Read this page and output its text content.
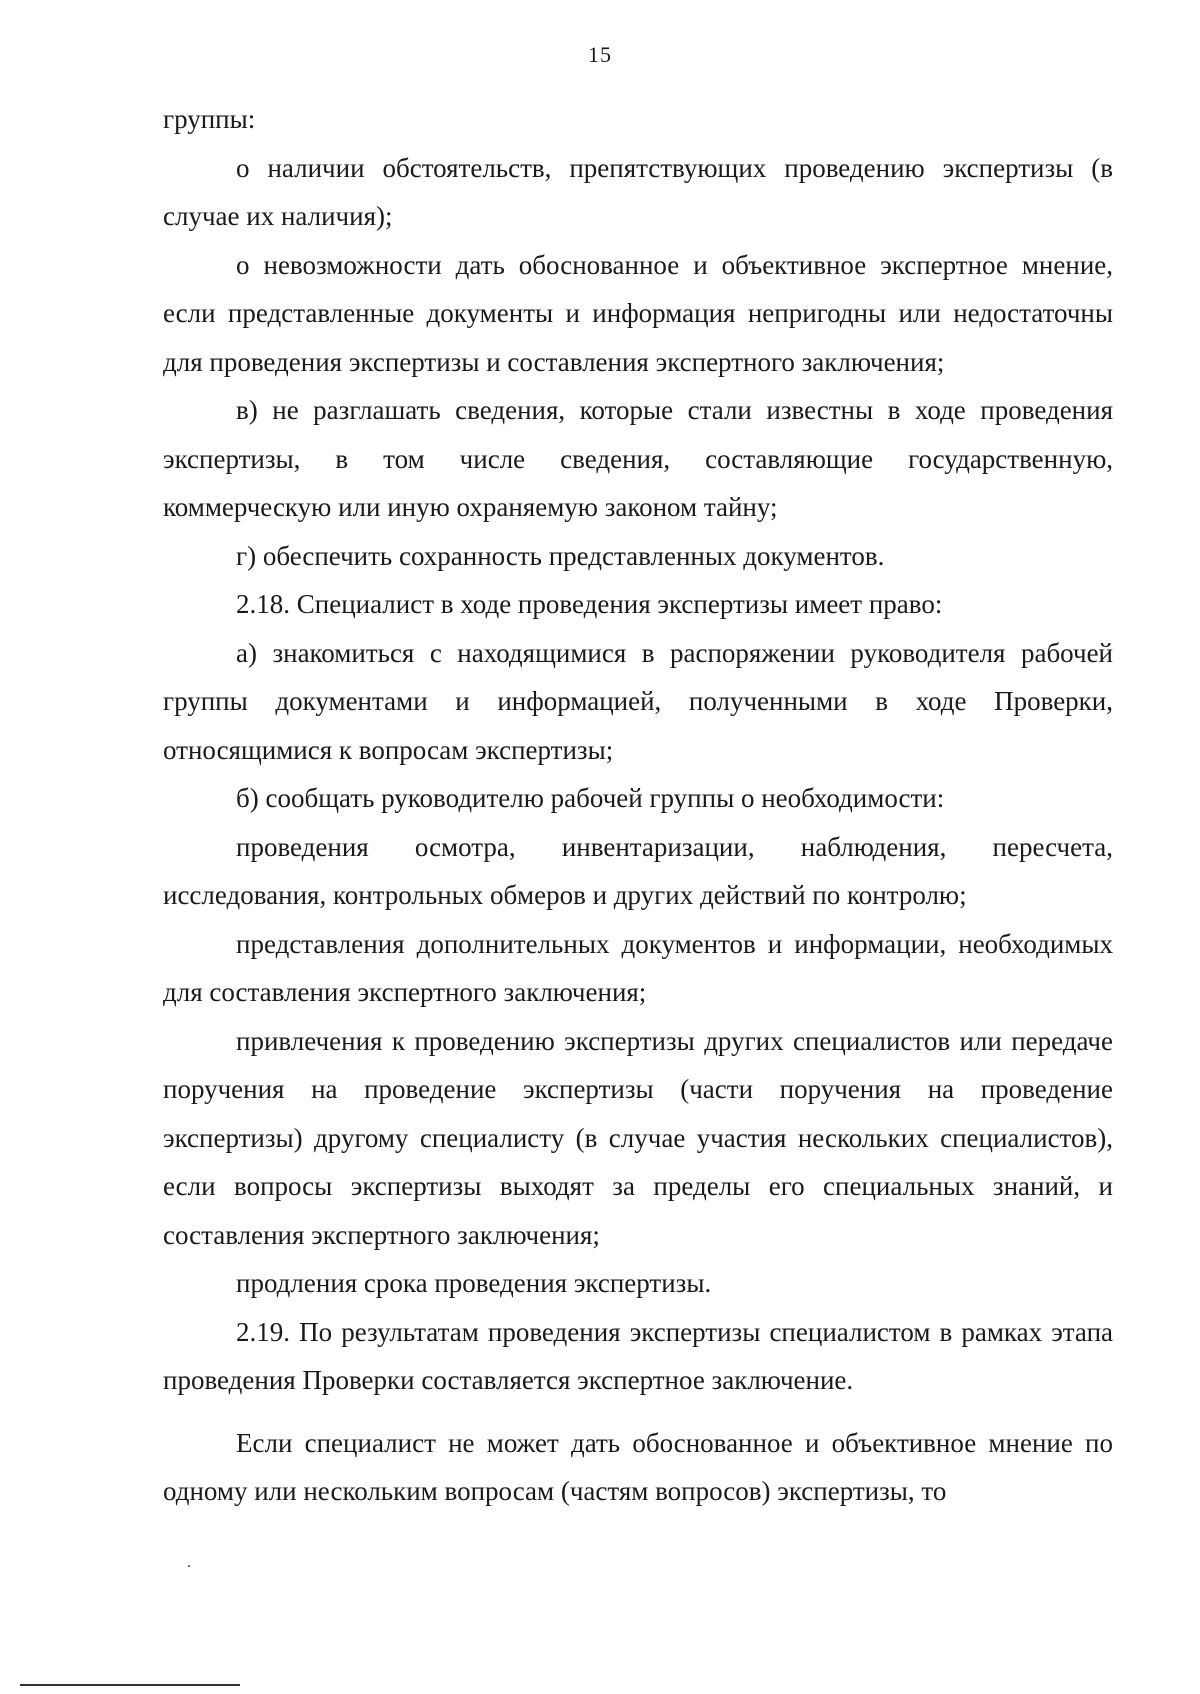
15

группы:

о наличии обстоятельств, препятствующих проведению экспертизы (в случае их наличия);

о невозможности дать обоснованное и объективное экспертное мнение, если представленные документы и информация непригодны или недостаточны для проведения экспертизы и составления экспертного заключения;

в) не разглашать сведения, которые стали известны в ходе проведения экспертизы, в том числе сведения, составляющие государственную, коммерческую или иную охраняемую законом тайну;

г) обеспечить сохранность представленных документов.

2.18. Специалист в ходе проведения экспертизы имеет право:

а) знакомиться с находящимися в распоряжении руководителя рабочей группы документами и информацией, полученными в ходе Проверки, относящимися к вопросам экспертизы;

б) сообщать руководителю рабочей группы о необходимости:

проведения осмотра, инвентаризации, наблюдения, пересчета, исследования, контрольных обмеров и других действий по контролю;

представления дополнительных документов и информации, необходимых для составления экспертного заключения;

привлечения к проведению экспертизы других специалистов или передаче поручения на проведение экспертизы (части поручения на проведение экспертизы) другому специалисту (в случае участия нескольких специалистов), если вопросы экспертизы выходят за пределы его специальных знаний, и составления экспертного заключения;

продления срока проведения экспертизы.

2.19. По результатам проведения экспертизы специалистом в рамках этапа проведения Проверки составляется экспертное заключение.

Если специалист не может дать обоснованное и объективное мнение по одному или нескольким вопросам (частям вопросов) экспертизы, то
